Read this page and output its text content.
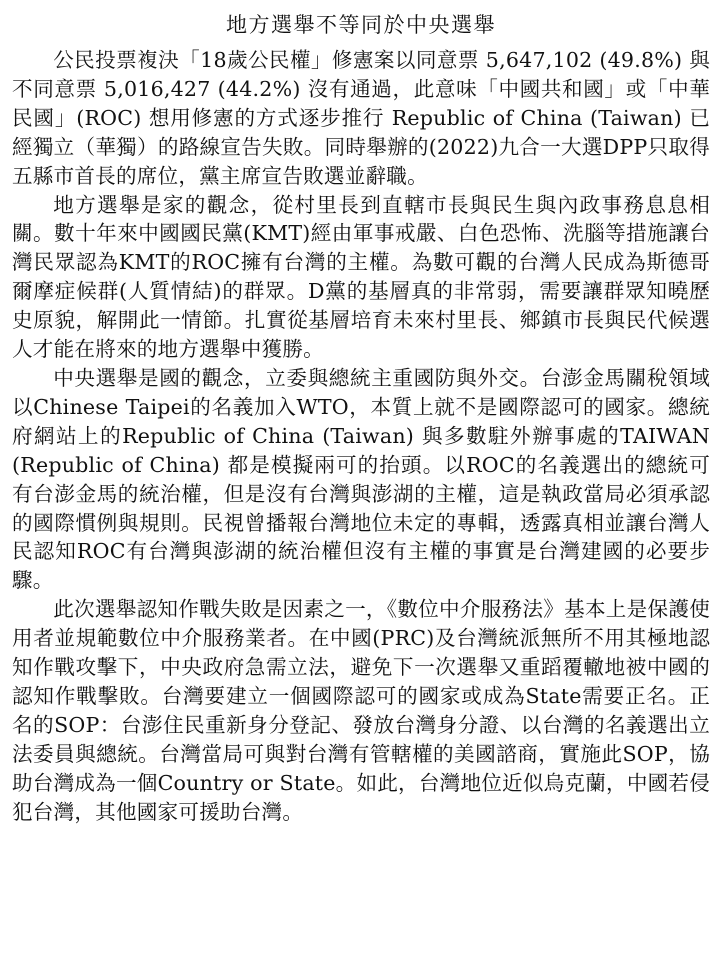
地方選舉不等同於中央選舉

公民投票複決「18歲公民權」修憲案以同意票 5,647,102 (49.8%) 與不同意票 5,016,427 (44.2%) 沒有通過，此意味「中國共和國」或「中華民國」(ROC) 想用修憲的方式逐步推行 Republic of China (Taiwan) 已經獨立（華獨）的路線宣告失敗。同時舉辦的(2022)九合一大選DPP只取得五縣市首長的席位，黨主席宣告敗選並辭職。

地方選舉是家的觀念，從村里長到直轄市長與民生與內政事務息息相關。數十年來中國國民黨(KMT)經由軍事戒嚴、白色恐怖、洗腦等措施讓台灣民眾認為KMT的ROC擁有台灣的主權。為數可觀的台灣人民成為斯德哥爾摩症候群(人質情結)的群眾。D黨的基層真的非常弱，需要讓群眾知曉歷史原貌，解開此一情節。扎實從基層培育未來村里長、鄉鎮市長與民代候選人才能在將來的地方選舉中獲勝。

中央選舉是國的觀念，立委與總統主重國防與外交。台澎金馬關稅領域以Chinese Taipei的名義加入WTO，本質上就不是國際認可的國家。總統府網站上的Republic of China (Taiwan) 與多數駐外辦事處的TAIWAN (Republic of China) 都是模擬兩可的抬頭。以ROC的名義選出的總統可有台澎金馬的統治權，但是沒有台灣與澎湖的主權，這是執政當局必須承認的國際慣例與規則。民視曾播報台灣地位未定的專輯，透露真相並讓台灣人民認知ROC有台灣與澎湖的統治權但沒有主權的事實是台灣建國的必要步驟。

此次選舉認知作戰失敗是因素之一，《數位中介服務法》基本上是保護使用者並規範數位中介服務業者。在中國(PRC)及台灣統派無所不用其極地認知作戰攻擊下，中央政府急需立法，避免下一次選舉又重蹈覆轍地被中國的認知作戰擊敗。台灣要建立一個國際認可的國家或成為State需要正名。正名的SOP：台澎住民重新身分登記、發放台灣身分證、以台灣的名義選出立法委員與總統。台灣當局可與對台灣有管轄權的美國諮商，實施此SOP，協助台灣成為一個Country or State。如此，台灣地位近似烏克蘭，中國若侵犯台灣，其他國家可援助台灣。
